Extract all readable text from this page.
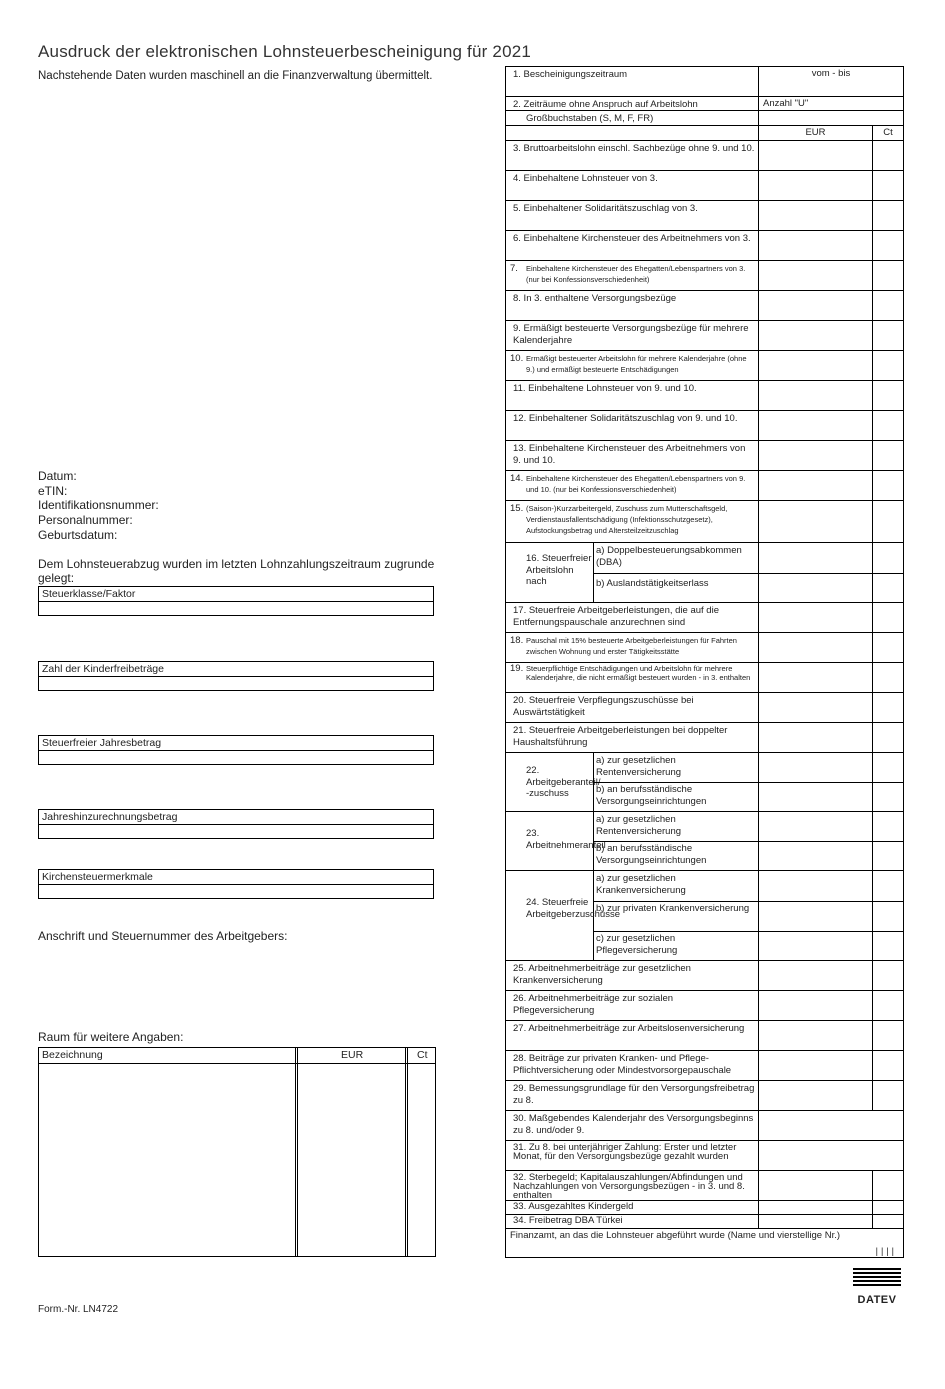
Ausdruck der elektronischen Lohnsteuerbescheinigung für 2021
Nachstehende Daten wurden maschinell an die Finanzverwaltung übermittelt.
Datum:
eTIN:
Identifikationsnummer:
Personalnummer:
Geburtsdatum:
Dem Lohnsteuerabzug wurden im letzten Lohnzahlungszeitraum zugrunde gelegt:
Steuerklasse/Faktor
Zahl der Kinderfreibeträge
Steuerfreier Jahresbetrag
Jahreshinzurechnungsbetrag
Kirchensteuermerkmale
Anschrift und Steuernummer des Arbeitgebers:
Raum für weitere Angaben:
Bezeichnung	EUR	Ct
Form.-Nr. LN4722
1. Bescheinigungszeitraum	vom - bis
2. Zeiträume ohne Anspruch auf Arbeitslohn	Anzahl "U"
Großbuchstaben (S, M, F, FR)
EUR	Ct
3. Bruttoarbeitslohn einschl. Sachbezüge ohne 9. und 10.
4. Einbehaltene Lohnsteuer von 3.
5. Einbehaltener Solidaritätszuschlag von 3.
6. Einbehaltene Kirchensteuer des Arbeitnehmers von 3.
7.	Einbehaltene Kirchensteuer des Ehegatten/Lebenspartners von 3. (nur bei Konfessionsverschiedenheit)
8. In 3. enthaltene Versorgungsbezüge
9. Ermäßigt besteuerte Versorgungsbezüge für mehrere Kalenderjahre
10. Ermäßigt besteuerter Arbeitslohn für mehrere Kalenderjahre (ohne 9.) und ermäßigt besteuerte Entschädigungen
11. Einbehaltene Lohnsteuer von 9. und 10.
12. Einbehaltener Solidaritätszuschlag von 9. und 10.
13. Einbehaltene Kirchensteuer des Arbeitnehmers von 9. und 10.
14. Einbehaltene Kirchensteuer des Ehegatten/Lebenspartners von 9. und 10. (nur bei Konfessionsverschiedenheit)
15. (Saison-)Kurzarbeitergeld, Zuschuss zum Mutterschaftsgeld, Verdienstausfallentschädigung (Infektionsschutzgesetz), Aufstockungsbetrag und Altersteilzeitzuschlag
16. Steuerfreier Arbeitslohn nach
a) Doppelbesteuerungsabkommen (DBA)
b) Auslandstätigkeitserlass
17. Steuerfreie Arbeitgeberleistungen, die auf die Entfernungspauschale anzurechnen sind
18. Pauschal mit 15% besteuerte Arbeitgeberleistungen für Fahrten zwischen Wohnung und erster Tätigkeitsstätte
19. Steuerpflichtige Entschädigungen und Arbeitslohn für mehrere Kalenderjahre, die nicht ermäßigt besteuert wurden - in 3. enthalten
20. Steuerfreie Verpflegungszuschüsse bei Auswärtstätigkeit
21. Steuerfreie Arbeitgeberleistungen bei doppelter Haushaltsführung
22. Arbeitgeberanteil/ -zuschuss
a) zur gesetzlichen Rentenversicherung
b) an berufsständische Versorgungseinrichtungen
23. Arbeitnehmeranteil
a) zur gesetzlichen Rentenversicherung
b) an berufsständische Versorgungseinrichtungen
24. Steuerfreie Arbeitgeberzuschüsse
a) zur gesetzlichen Krankenversicherung
b) zur privaten Krankenversicherung
c) zur gesetzlichen Pflegeversicherung
25. Arbeitnehmerbeiträge zur gesetzlichen Krankenversicherung
26. Arbeitnehmerbeiträge zur sozialen Pflegeversicherung
27. Arbeitnehmerbeiträge zur Arbeitslosenversicherung
28. Beiträge zur privaten Kranken- und Pflege-Pflichtversicherung oder Mindestvorsorgepauschale
29. Bemessungsgrundlage für den Versorgungsfreibetrag zu 8.
30. Maßgebendes Kalenderjahr des Versorgungsbeginns zu 8. und/oder 9.
31. Zu 8. bei unterjähriger Zahlung: Erster und letzter Monat, für den Versorgungsbezüge gezahlt wurden
32. Sterbegeld; Kapitalauszahlungen/Abfindungen und Nachzahlungen von Versorgungsbezügen - in 3. und 8. enthalten
33. Ausgezahltes Kindergeld
34. Freibetrag DBA Türkei
Finanzamt, an das die Lohnsteuer abgeführt wurde (Name und vierstellige Nr.)
||||
DATEV
